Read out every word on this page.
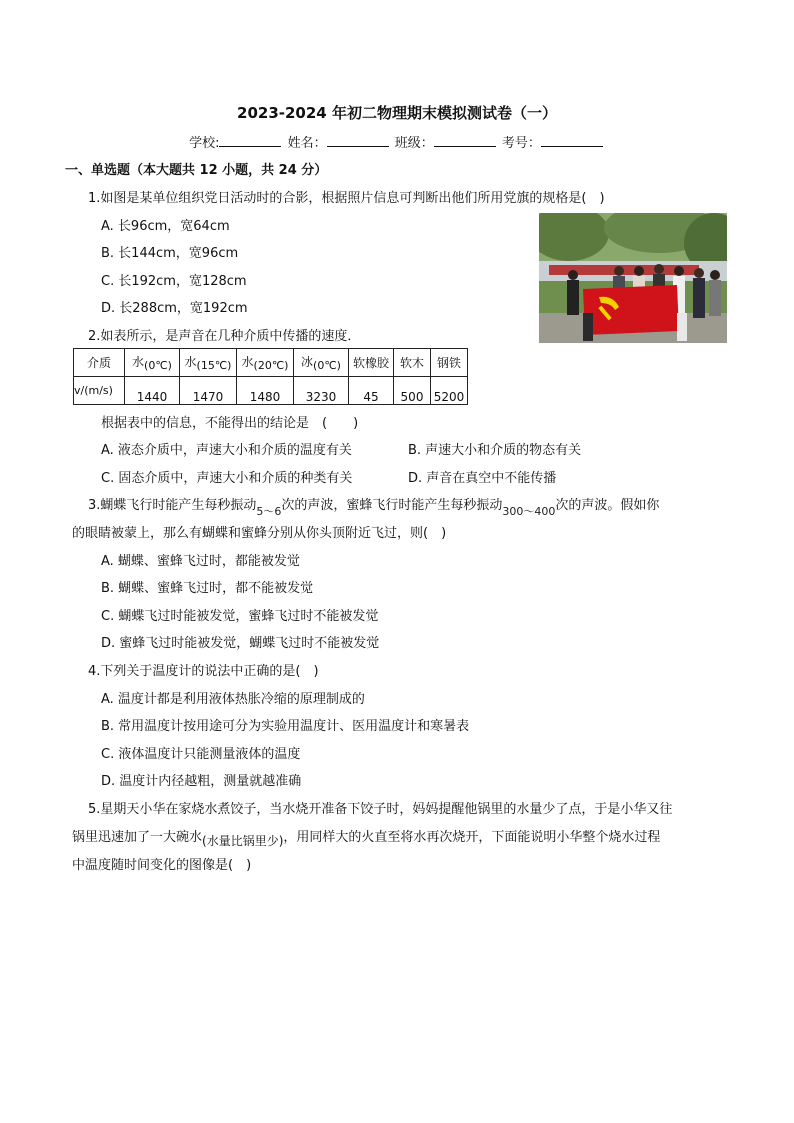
2023-2024 年初二物理期末模拟测试卷（一）
学校:	姓名：	班级：	考号：
一、单选题（本大题共 12 小题，共 24 分）
1.如图是某单位组织党日活动时的合影，根据照片信息可判断出他们所用党旗的规格是(　)
A. 长96cm，宽64cm
B. 长144cm，宽96cm
C. 长192cm，宽128cm
D. 长288cm，宽192cm
2.如表所示，是声音在几种介质中传播的速度．
介质	水(0℃)	水(15℃)	水(20℃)	冰(0℃)	软橡胶	软木	钢铁
v/(m/s)	1440	1470	1480	3230	45	500	5200
根据表中的信息，不能得出的结论是　(　　)
A. 液态介质中，声速大小和介质的温度有关	B. 声速大小和介质的物态有关
C. 固态介质中，声速大小和介质的种类有关	D. 声音在真空中不能传播
3.蝴蝶飞行时能产生每秒振动$_{5\sim 6}$次的声波，蜜蜂飞行时能产生每秒振动$_{300\sim 400}$次的声波。假如你
的眼睛被蒙上，那么有蝴蝶和蜜蜂分别从你头顶附近飞过，则(　)
A. 蝴蝶、蜜蜂飞过时，都能被发觉
B. 蝴蝶、蜜蜂飞过时，都不能被发觉
C. 蝴蝶飞过时能被发觉，蜜蜂飞过时不能被发觉
D. 蜜蜂飞过时能被发觉，蝴蝶飞过时不能被发觉
4.下列关于温度计的说法中正确的是(　)
A. 温度计都是利用液体热胀冷缩的原理制成的
B. 常用温度计按用途可分为实验用温度计、医用温度计和寒暑表
C. 液体温度计只能测量液体的温度
D. 温度计内径越粗，测量就越准确
5.星期天小华在家烧水煮饺子，当水烧开准备下饺子时，妈妈提醒他锅里的水量少了点，于是小华又往
锅里迅速加了一大碗水(水量比锅里少)，用同样大的火直至将水再次烧开，下面能说明小华整个烧水过程
中温度随时间变化的图像是(　)
